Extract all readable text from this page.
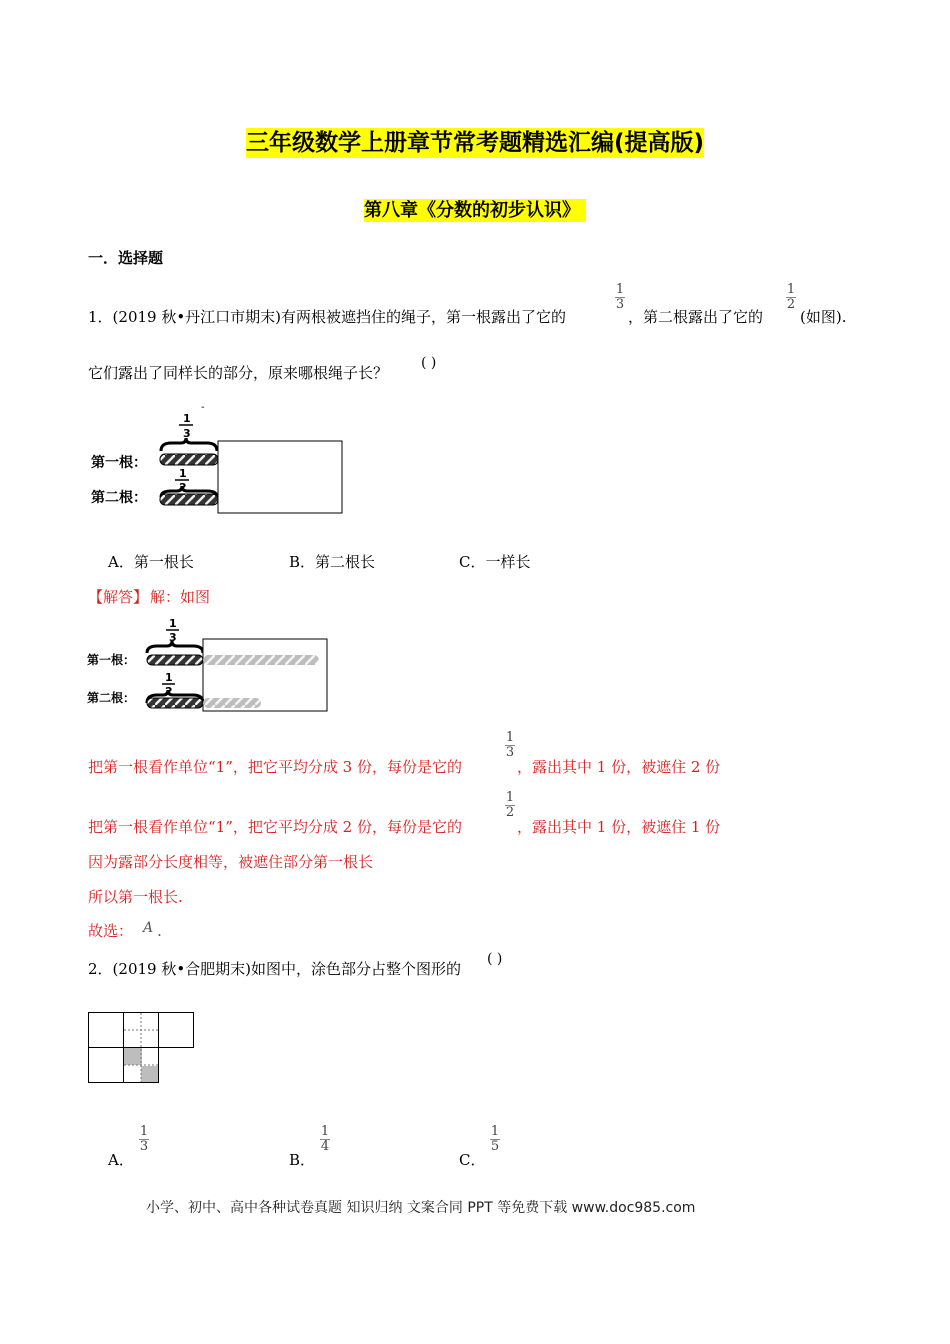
三年级数学上册章节常考题精选汇编(提高版)
第八章《分数的初步认识》
一．选择题
1．(2019 秋•丹江口市期末)有两根被遮挡住的绳子，第一根露出了它的
1
3
，第二根露出了它的
1
2
(如图).
它们露出了同样长的部分，原来哪根绳子长？
( )
-
1
3
第一根：
1
2
第二根：
A．第一根长	B．第二根长	C．一样长
【解答】 解：如图
1
3
第一根：
1
2
第二根：
把第一根看作单位“1”，把它平均分成 3 份，每份是它的
1
3
，露出其中 1 份，被遮住 2 份
把第一根看作单位“1”，把它平均分成 2 份，每份是它的
1
2
，露出其中 1 份，被遮住 1 份
因为露部分长度相等，被遮住部分第一根长
所以第一根长.
故选： A .
2．(2019 秋•合肥期末)如图中，涂色部分占整个图形的
( )
A．
1
3
B．
1
4
C．
1
5
小学、初中、高中各种试卷真题 知识归纳 文案合同 PPT 等免费下载 www.doc985.com
